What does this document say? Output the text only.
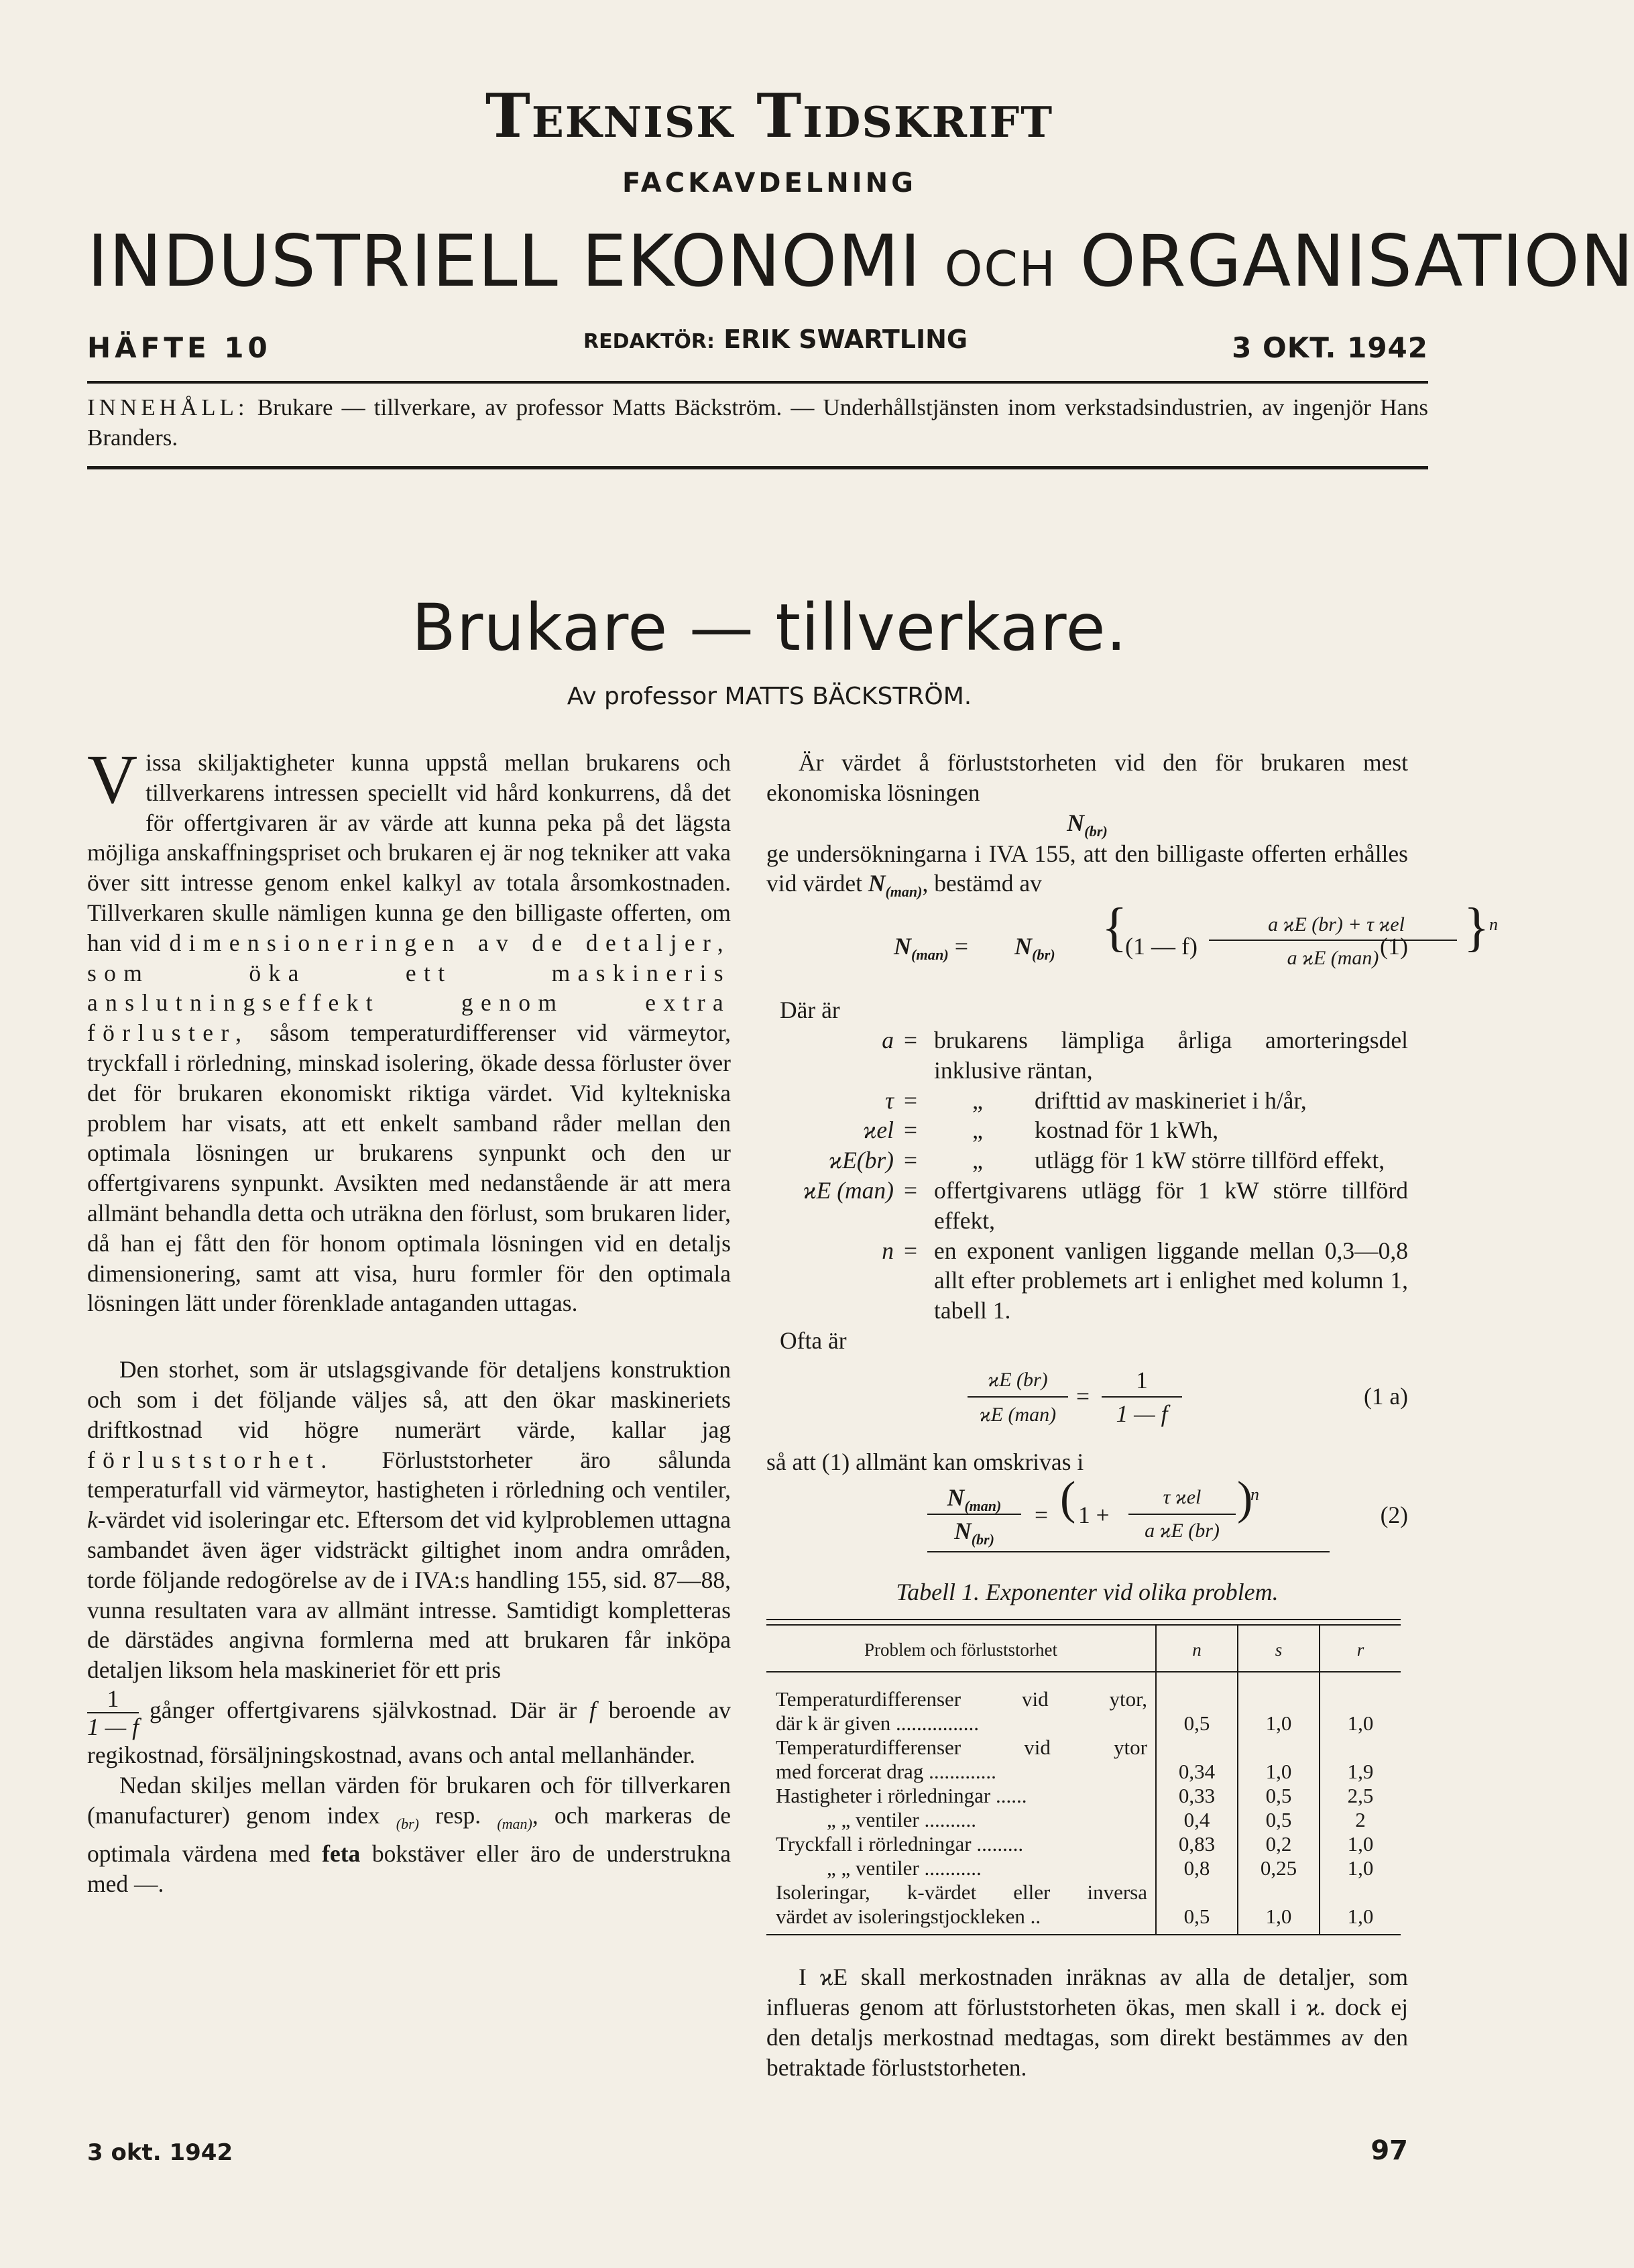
Teknisk Tidskrift
FACKAVDELNING
INDUSTRIELL EKONOMI OCH ORGANISATION
HÄFTE 10	REDAKTÖR: ERIK SWARTLING	3 OKT. 1942
INNEHÅLL: Brukare — tillverkare, av professor Matts Bäckström. — Underhållstjänsten inom verkstadsindustrien, av ingenjör Hans Branders.
Brukare — tillverkare.
Av professor MATTS BÄCKSTRÖM.

Vissa skiljaktigheter kunna uppstå mellan brukarens och tillverkarens intressen speciellt vid hård konkurrens, då det för offertgivaren är av värde att kunna peka på det lägsta möjliga anskaffningspriset och brukaren ej är nog tekniker att vaka över sitt intresse genom enkel kalkyl av totala årsomkostnaden. Tillverkaren skulle nämligen kunna ge den billigaste offerten, om han vid dimensioneringen av de detaljer, som öka ett maskineris anslutningseffekt genom extra förluster, såsom temperaturdifferenser vid värmeytor, tryckfall i rörledning, minskad isolering, ökade dessa förluster över det för brukaren ekonomiskt riktiga värdet. Vid kyltekniska problem har visats, att ett enkelt samband råder mellan den optimala lösningen ur brukarens synpunkt och den ur offertgivarens synpunkt. Avsikten med nedanstående är att mera allmänt behandla detta och uträkna den förlust, som brukaren lider, då han ej fått den för honom optimala lösningen vid en detaljs dimensionering, samt att visa, huru formler för den optimala lösningen lätt under förenklade antaganden uttagas.

Den storhet, som är utslagsgivande för detaljens konstruktion och som i det följande väljes så, att den ökar maskineriets driftkostnad vid högre numerärt värde, kallar jag förluststorhet. Förluststorheter äro sålunda temperaturfall vid värmeytor, hastigheten i rörledning och ventiler, k-värdet vid isoleringar etc. Eftersom det vid kylproblemen uttagna sambandet även äger vidsträckt giltighet inom andra områden, torde följande redogörelse av de i IVA:s handling 155, sid. 87—88, vunna resultaten vara av allmänt intresse. Samtidigt kompletteras de därstädes angivna formlerna med att brukaren får inköpa detaljen liksom hela maskineriet för ett pris

$\frac{1}{1 — f}$ gånger offertgivarens självkostnad. Där är f beroende av regikostnad, försäljningskostnad, avans och antal mellanhänder.

Nedan skiljes mellan värden för brukaren och för tillverkaren (manufacturer) genom index $_{(br)}$ resp. $_{(man)}$, och markeras de optimala värdena med feta bokstäver eller äro de understrukna med —.

Är värdet å förluststorheten vid den för brukaren mest ekonomiska lösningen

$N_{(br)}$

ge undersökningarna i IVA 155, att den billigaste offerten erhålles vid värdet $N_{(man)}$, bestämd av

$N_{(man)} = N_{(br)}$ {
(1 — f)
a ϰE (br) + τ ϰel
a ϰE (man)
} n
(1)

Där är

a = brukarens lämpliga årliga amorteringsdel inklusive räntan,
τ =	„	drifttid av maskineriet i h/år,
ϰel =	„	kostnad för 1 kWh,
ϰE(br) =	„	utlägg för 1 kW större tillförd effekt,
ϰE (man) = offertgivarens utlägg för 1 kW större tillförd effekt,
n = en exponent vanligen liggande mellan 0,3—0,8 allt efter problemets art i enlighet med kolumn 1, tabell 1.

Ofta är

ϰE (br)
ϰE (man)
=
1
1 — f
(1 a)

så att (1) allmänt kan omskrivas i

$N_{(man)}$
$N_{(br)}$
= ( 1 +
τ ϰel
a ϰE (br)
)
n
(2)
Tabell 1. Exponenter vid olika problem.
Problem och förluststorhet	n	s	r

Temperaturdifferenser vid ytor,
där k är given ................	0,5	1,0	1,0

Temperaturdifferenser vid ytor
med forcerat drag .............	0,34	1,0	1,9

Hastigheter i rörledningar ......	0,33	0,5	2,5

„ „ ventiler ..........	0,4	0,5	2

Tryckfall i rörledningar .........	0,83	0,2	1,0

„ „ ventiler ...........	0,8	0,25	1,0

Isoleringar, k-värdet eller inversa
värdet av isoleringstjockleken ..	0,5	1,0	1,0

I ϰE skall merkostnaden inräknas av alla de detaljer, som influeras genom att förluststorheten ökas, men skall i ϰ. dock ej den detaljs merkostnad medtagas, som direkt bestämmes av den betraktade förluststorheten.

3 okt. 1942	97
